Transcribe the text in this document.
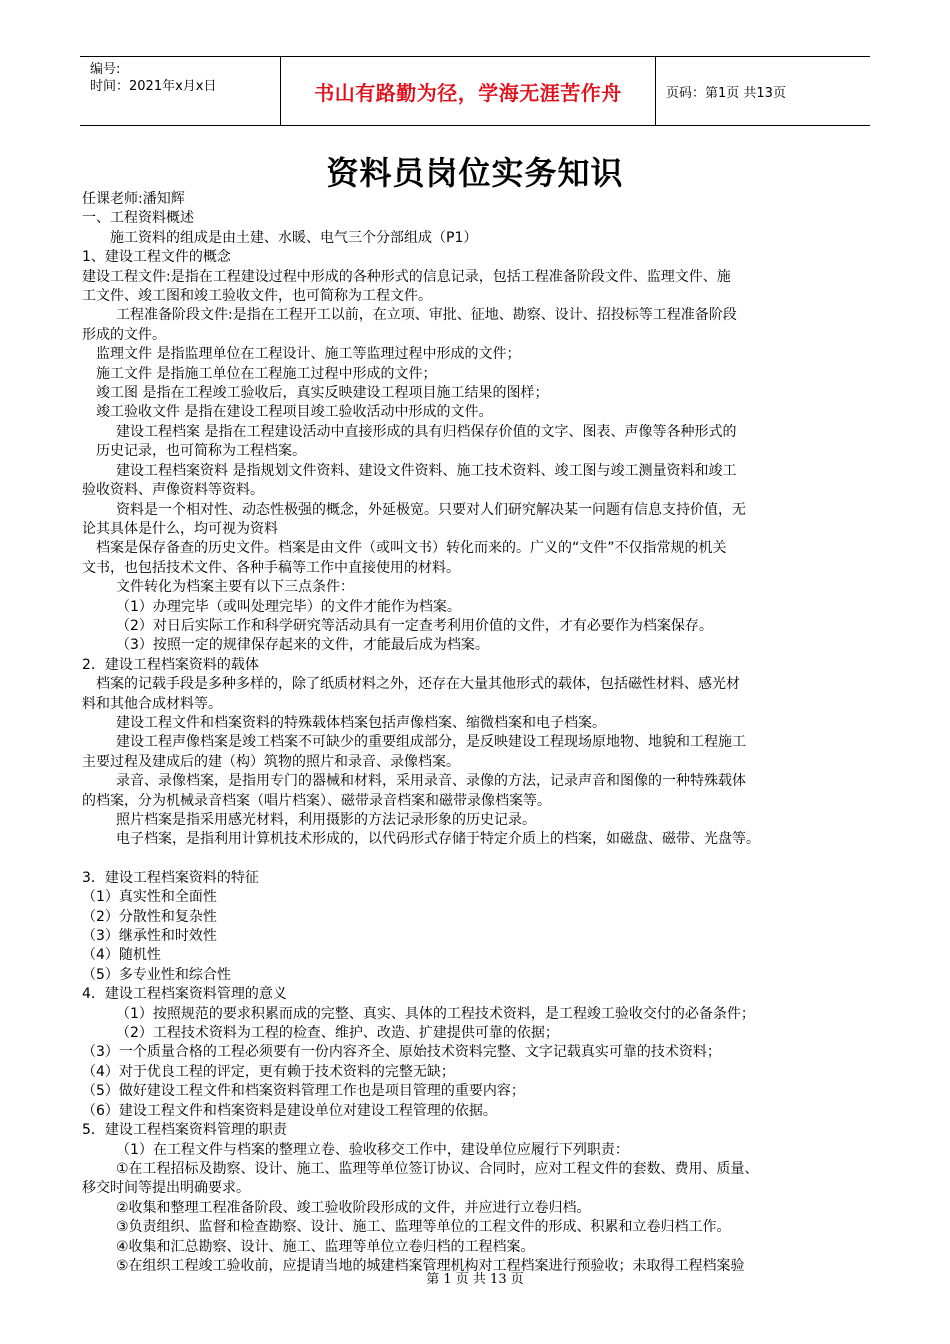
编号:
时间：2021年x月x日	书山有路勤为径，学海无涯苦作舟	页码：第1页 共13页
资料员岗位实务知识

任课老师:潘知辉

一、工程资料概述

施工资料的组成是由土建、水暖、电气三个分部组成（P1）

1、建设工程文件的概念

建设工程文件:是指在工程建设过程中形成的各种形式的信息记录，包括工程准备阶段文件、监理文件、施

工文件、竣工图和竣工验收文件，也可简称为工程文件。

工程准备阶段文件:是指在工程开工以前，在立项、审批、征地、勘察、设计、招投标等工程准备阶段

形成的文件。

监理文件 是指监理单位在工程设计、施工等监理过程中形成的文件；

施工文件 是指施工单位在工程施工过程中形成的文件；

竣工图 是指在工程竣工验收后，真实反映建设工程项目施工结果的图样；

竣工验收文件 是指在建设工程项目竣工验收活动中形成的文件。

建设工程档案 是指在工程建设活动中直接形成的具有归档保存价值的文字、图表、声像等各种形式的

历史记录，也可简称为工程档案。

建设工程档案资料 是指规划文件资料、建设文件资料、施工技术资料、竣工图与竣工测量资料和竣工

验收资料、声像资料等资料。

资料是一个相对性、动态性极强的概念，外延极宽。只要对人们研究解决某一问题有信息支持价值，无

论其具体是什么，均可视为资料

档案是保存备查的历史文件。档案是由文件（或叫文书）转化而来的。广义的“文件”不仅指常规的机关

文书，也包括技术文件、各种手稿等工作中直接使用的材料。

文件转化为档案主要有以下三点条件：

（1）办理完毕（或叫处理完毕）的文件才能作为档案。

（2）对日后实际工作和科学研究等活动具有一定查考利用价值的文件，才有必要作为档案保存。

（3）按照一定的规律保存起来的文件，才能最后成为档案。

2．建设工程档案资料的载体

档案的记载手段是多种多样的，除了纸质材料之外，还存在大量其他形式的载体，包括磁性材料、感光材

料和其他合成材料等。

建设工程文件和档案资料的特殊载体档案包括声像档案、缩微档案和电子档案。

建设工程声像档案是竣工档案不可缺少的重要组成部分，是反映建设工程现场原地物、地貌和工程施工

主要过程及建成后的建（构）筑物的照片和录音、录像档案。

录音、录像档案，是指用专门的器械和材料，采用录音、录像的方法，记录声音和图像的一种特殊载体

的档案，分为机械录音档案（唱片档案）、磁带录音档案和磁带录像档案等。

照片档案是指采用感光材料，利用摄影的方法记录形象的历史记录。

电子档案，是指利用计算机技术形成的，以代码形式存储于特定介质上的档案，如磁盘、磁带、光盘等。

3．建设工程档案资料的特征

（1）真实性和全面性

（2）分散性和复杂性

（3）继承性和时效性

（4）随机性

（5）多专业性和综合性

4．建设工程档案资料管理的意义

（1）按照规范的要求积累而成的完整、真实、具体的工程技术资料，是工程竣工验收交付的必备条件；

（2）工程技术资料为工程的检查、维护、改造、扩建提供可靠的依据；

（3）一个质量合格的工程必须要有一份内容齐全、原始技术资料完整、文字记载真实可靠的技术资料；

（4）对于优良工程的评定，更有赖于技术资料的完整无缺；

（5）做好建设工程文件和档案资料管理工作也是项目管理的重要内容；

（6）建设工程文件和档案资料是建设单位对建设工程管理的依据。

5．建设工程档案资料管理的职责

（1）在工程文件与档案的整理立卷、验收移交工作中，建设单位应履行下列职责：

①在工程招标及勘察、设计、施工、监理等单位签订协议、合同时，应对工程文件的套数、费用、质量、

移交时间等提出明确要求。

②收集和整理工程准备阶段、竣工验收阶段形成的文件，并应进行立卷归档。

③负责组织、监督和检查勘察、设计、施工、监理等单位的工程文件的形成、积累和立卷归档工作。

④收集和汇总勘察、设计、施工、监理等单位立卷归档的工程档案。

⑤在组织工程竣工验收前，应提请当地的城建档案管理机构对工程档案进行预验收；未取得工程档案验

第 1 页 共 13 页
